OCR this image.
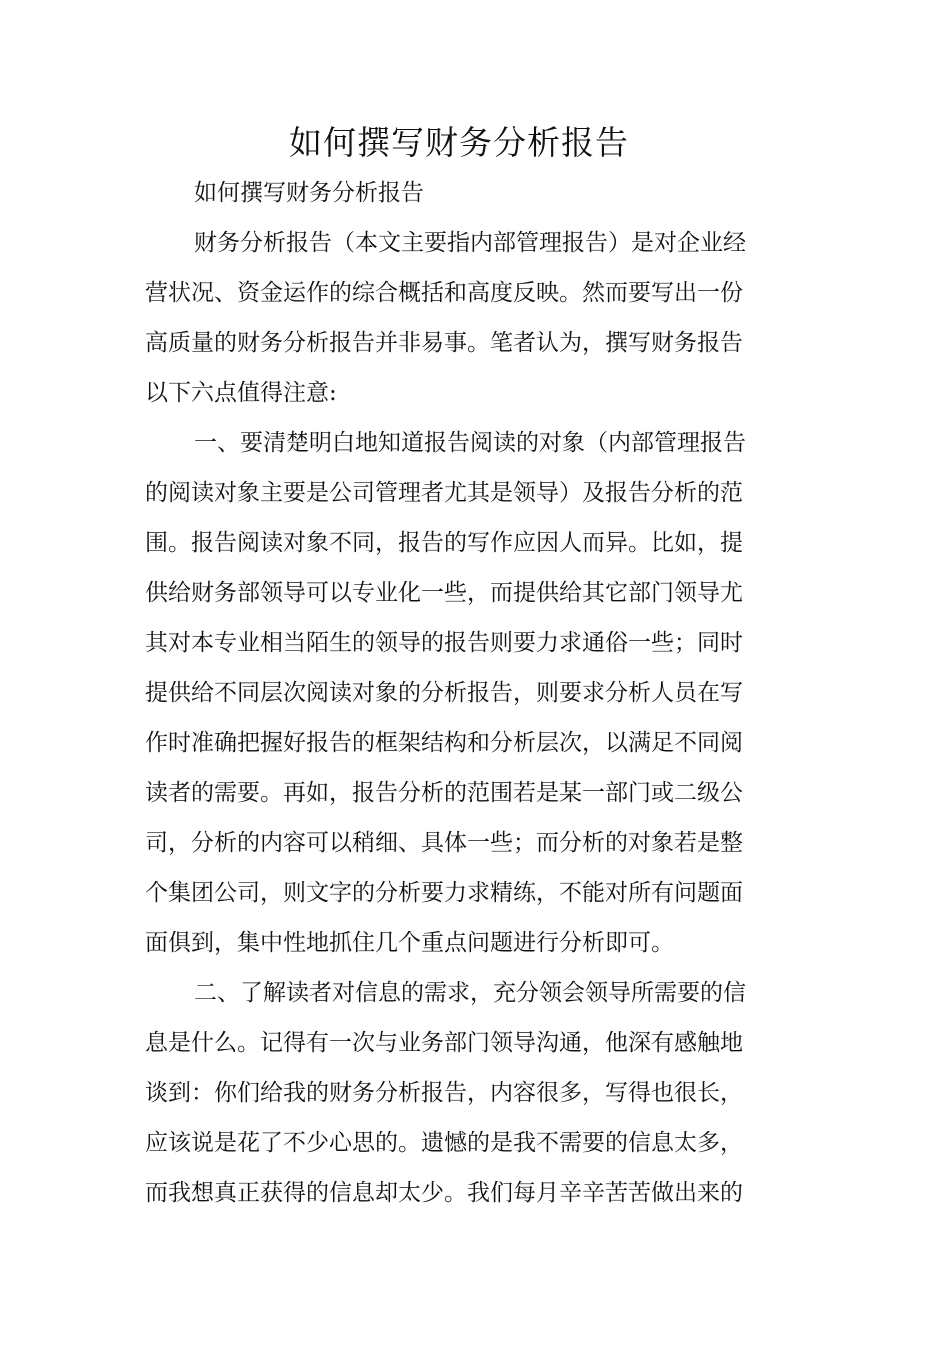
如何撰写财务分析报告
如何撰写财务分析报告
财务分析报告（本文主要指内部管理报告）是对企业经
营状况、资金运作的综合概括和高度反映。然而要写出一份
高质量的财务分析报告并非易事。笔者认为，撰写财务报告
以下六点值得注意:
一、要清楚明白地知道报告阅读的对象（内部管理报告
的阅读对象主要是公司管理者尤其是领导）及报告分析的范
围。报告阅读对象不同，报告的写作应因人而异。比如，提
供给财务部领导可以专业化一些，而提供给其它部门领导尤
其对本专业相当陌生的领导的报告则要力求通俗一些；同时
提供给不同层次阅读对象的分析报告，则要求分析人员在写
作时准确把握好报告的框架结构和分析层次，以满足不同阅
读者的需要。再如，报告分析的范围若是某一部门或二级公
司，分析的内容可以稍细、具体一些；而分析的对象若是整
个集团公司，则文字的分析要力求精练，不能对所有问题面
面俱到，集中性地抓住几个重点问题进行分析即可。
二、了解读者对信息的需求，充分领会领导所需要的信
息是什么。记得有一次与业务部门领导沟通，他深有感触地
谈到：你们给我的财务分析报告，内容很多，写得也很长，
应该说是花了不少心思的。遗憾的是我不需要的信息太多，
而我想真正获得的信息却太少。我们每月辛辛苦苦做出来的
